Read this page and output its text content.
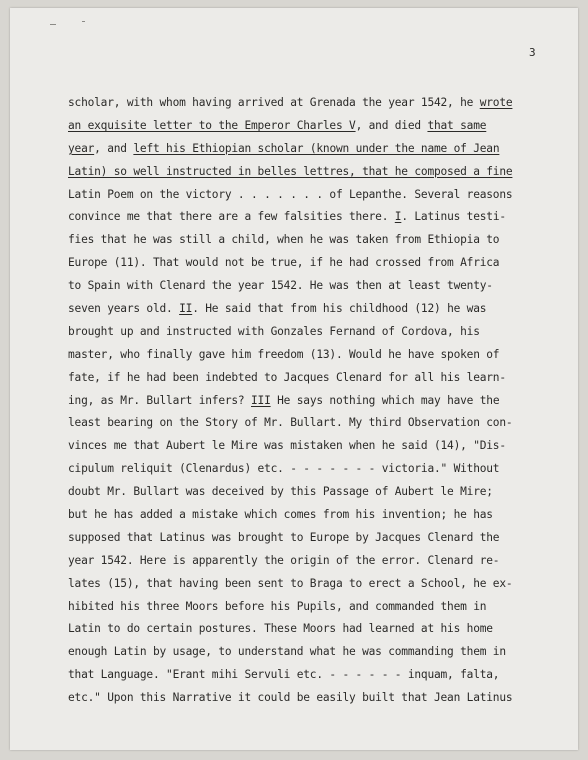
3
scholar, with whom having arrived at Grenada the year 1542, he wrote
an exquisite letter to the Emperor Charles V, and died that same
year, and left his Ethiopian scholar (known under the name of Jean
Latin) so well instructed in belles lettres, that he composed a fine
Latin Poem on the victory . . . . . . . of Lepanthe. Several reasons
convince me that there are a few falsities there. I. Latinus testi-
fies that he was still a child, when he was taken from Ethiopia to
Europe (11). That would not be true, if he had crossed from Africa
to Spain with Clenard the year 1542. He was then at least twenty-
seven years old. II. He said that from his childhood (12) he was
brought up and instructed with Gonzales Fernand of Cordova, his
master, who finally gave him freedom (13). Would he have spoken of
fate, if he had been indebted to Jacques Clenard for all his learn-
ing, as Mr. Bullart infers? III He says nothing which may have the
least bearing on the Story of Mr. Bullart. My third Observation con-
vinces me that Aubert le Mire was mistaken when he said (14), "Dis-
cipulum reliquit (Clenardus) etc. - - - - - - - victoria." Without
doubt Mr. Bullart was deceived by this Passage of Aubert le Mire;
but he has added a mistake which comes from his invention; he has
supposed that Latinus was brought to Europe by Jacques Clenard the
year 1542. Here is apparently the origin of the error. Clenard re-
lates (15), that having been sent to Braga to erect a School, he ex-
hibited his three Moors before his Pupils, and commanded them in
Latin to do certain postures. These Moors had learned at his home
enough Latin by usage, to understand what he was commanding them in
that Language. "Erant mihi Servuli etc. - - - - - - inquam, falta,
etc." Upon this Narrative it could be easily built that Jean Latinus
